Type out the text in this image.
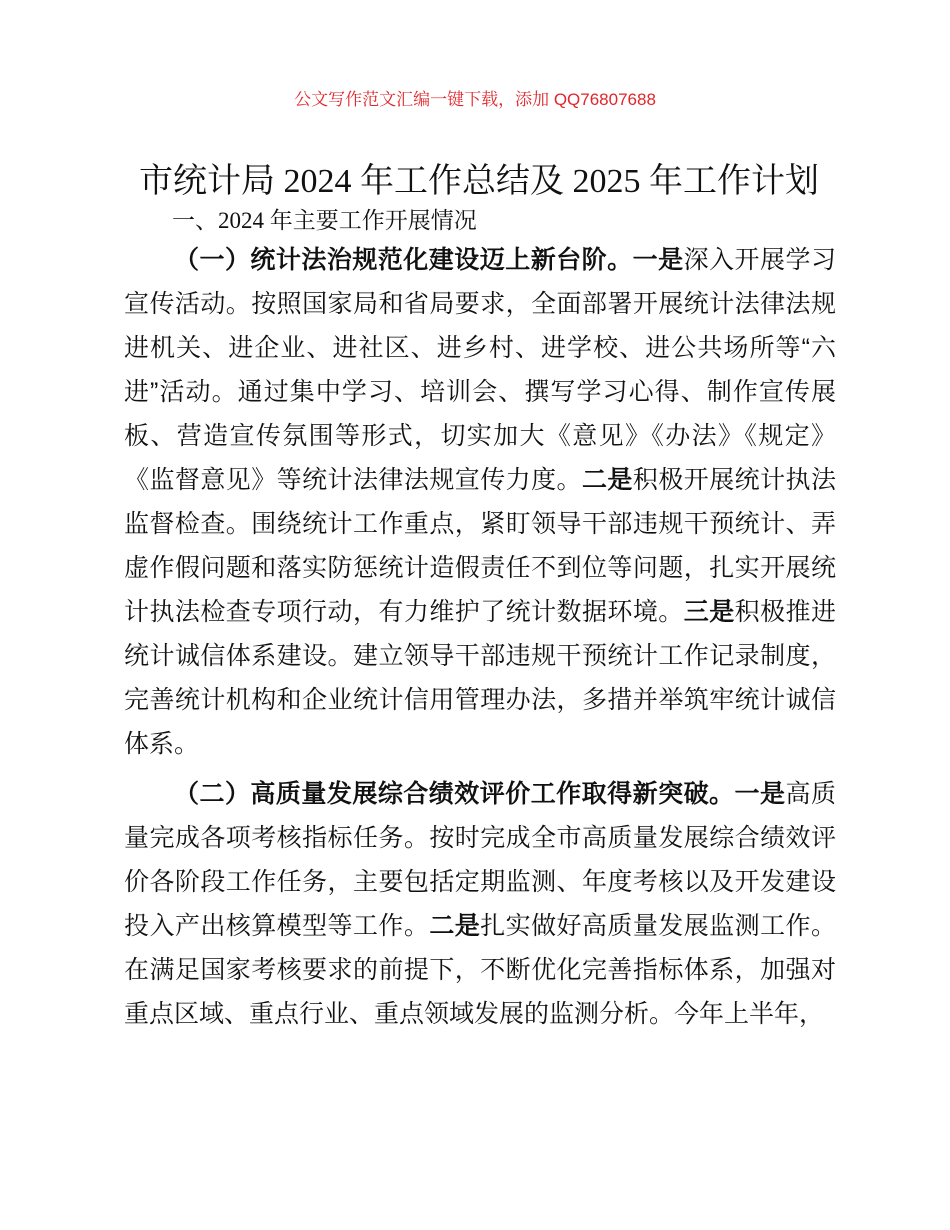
公文写作范文汇编一键下载，添加 QQ76807688
市统计局 2024 年工作总结及 2025 年工作计划
一、2024 年主要工作开展情况
（一）统计法治规范化建设迈上新台阶。一是深入开展学习
宣传活动。按照国家局和省局要求，全面部署开展统计法律法规
进机关、进企业、进社区、进乡村、进学校、进公共场所等“六
进”活动。通过集中学习、培训会、撰写学习心得、制作宣传展
板、营造宣传氛围等形式，切实加大《意见》《办法》《规定》
《监督意见》等统计法律法规宣传力度。二是积极开展统计执法
监督检查。围绕统计工作重点，紧盯领导干部违规干预统计、弄
虚作假问题和落实防惩统计造假责任不到位等问题，扎实开展统
计执法检查专项行动，有力维护了统计数据环境。三是积极推进
统计诚信体系建设。建立领导干部违规干预统计工作记录制度，
完善统计机构和企业统计信用管理办法，多措并举筑牢统计诚信
体系。
（二）高质量发展综合绩效评价工作取得新突破。一是高质
量完成各项考核指标任务。按时完成全市高质量发展综合绩效评
价各阶段工作任务，主要包括定期监测、年度考核以及开发建设
投入产出核算模型等工作。二是扎实做好高质量发展监测工作。
在满足国家考核要求的前提下，不断优化完善指标体系，加强对
重点区域、重点行业、重点领域发展的监测分析。今年上半年，
